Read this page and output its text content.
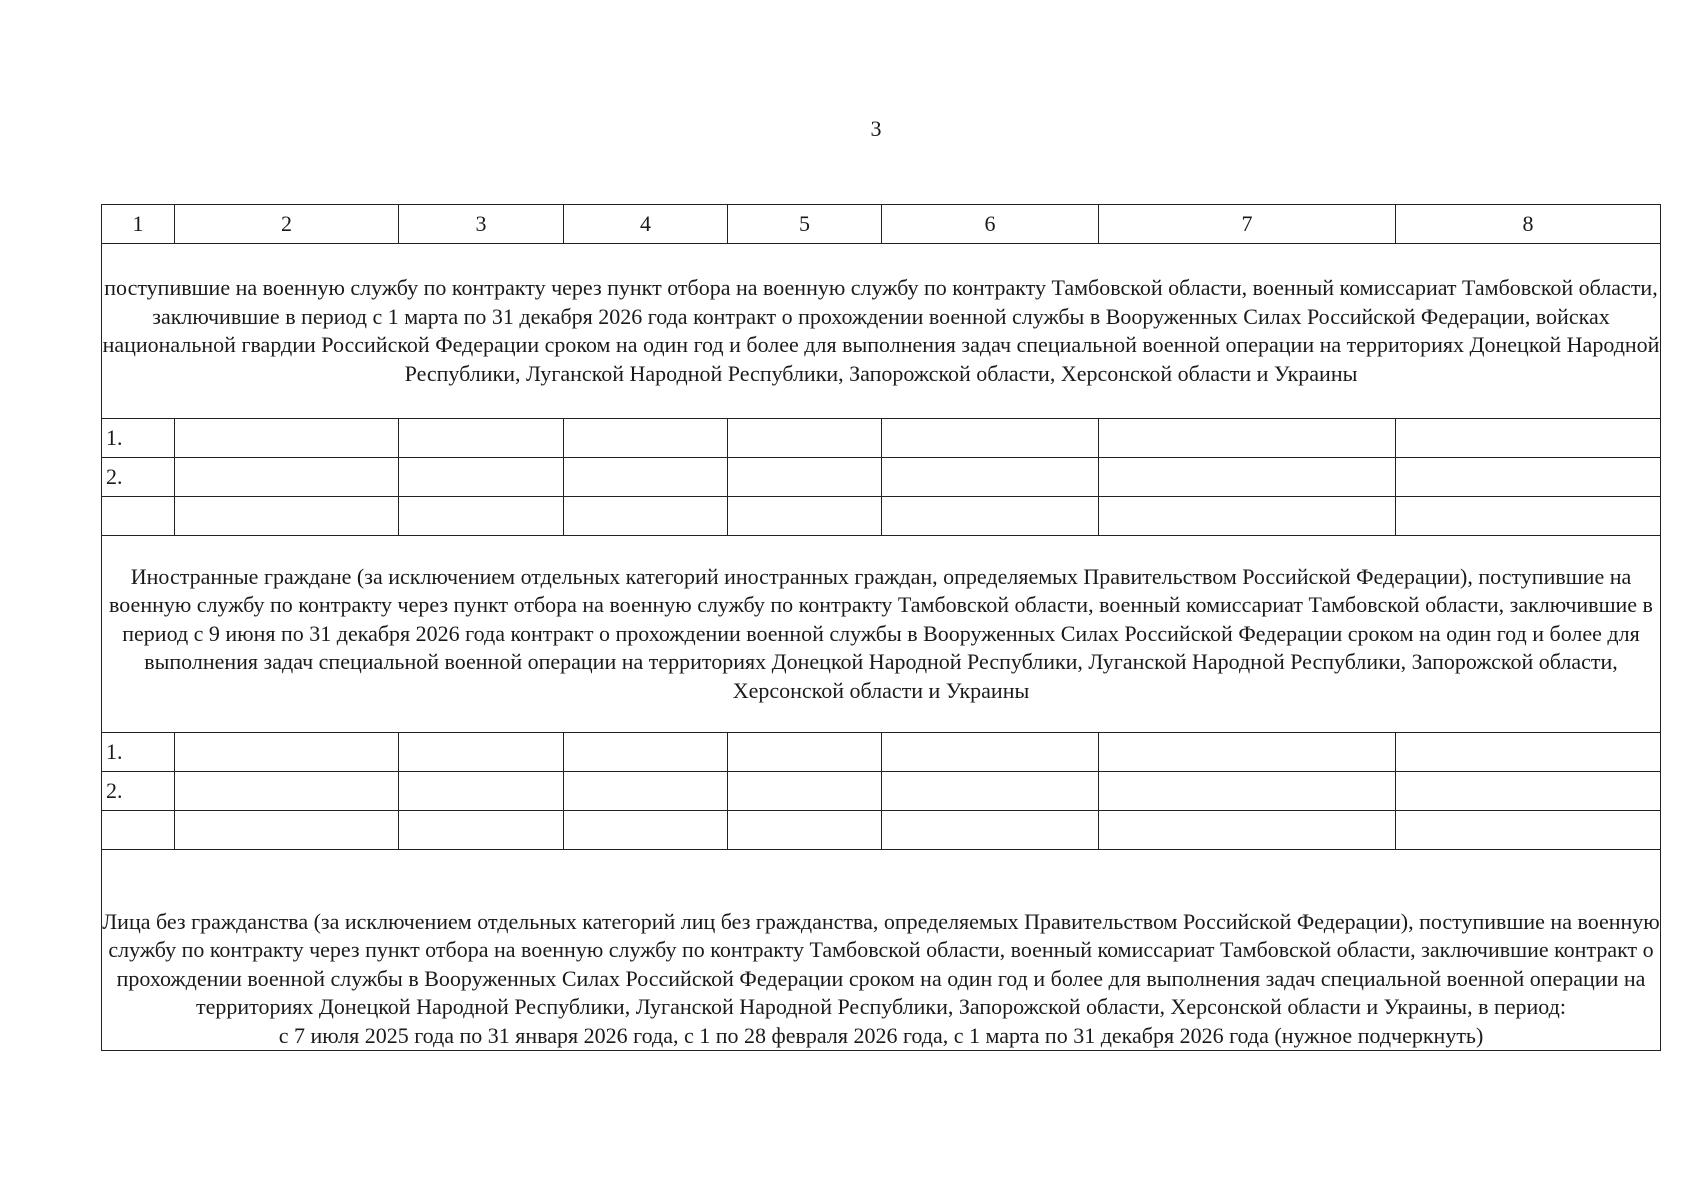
3
1	2	3	4	5	6	7	8
поступившие на военную службу по контракту через пункт отбора на военную службу по контракту Тамбовской области, военный комиссариат Тамбовской области, заключившие в период с 1 марта по 31 декабря 2026 года контракт о прохождении военной службы в Вооруженных Силах Российской Федерации, войсках национальной гвардии Российской Федерации сроком на один год и более для выполнения задач специальной военной операции на территориях Донецкой Народной Республики, Луганской Народной Республики, Запорожской области, Херсонской области и Украины							
1.							
2.							

Иностранные граждане (за исключением отдельных категорий иностранных граждан, определяемых Правительством Российской Федерации), поступившие на военную службу по контракту через пункт отбора на военную службу по контракту Тамбовской области, военный комиссариат Тамбовской области, заключившие в период с 9 июня по 31 декабря 2026 года контракт о прохождении военной службы в Вооруженных Силах Российской Федерации сроком на один год и более для выполнения задач специальной военной операции на территориях Донецкой Народной Республики, Луганской Народной Республики, Запорожской области, Херсонской области и Украины							
1.							
2.							

Лица без гражданства (за исключением отдельных категорий лиц без гражданства, определяемых Правительством Российской Федерации), поступившие на военную службу по контракту через пункт отбора на военную службу по контракту Тамбовской области, военный комиссариат Тамбовской области, заключившие контракт о прохождении военной службы в Вооруженных Силах Российской Федерации сроком на один год и более для выполнения задач специальной военной операции на территориях Донецкой Народной Республики, Луганской Народной Республики, Запорожской области, Херсонской области и Украины, в период:
с 7 июля 2025 года по 31 января 2026 года, с 1 по 28 февраля 2026 года, с 1 марта по 31 декабря 2026 года (нужное подчеркнуть)							
